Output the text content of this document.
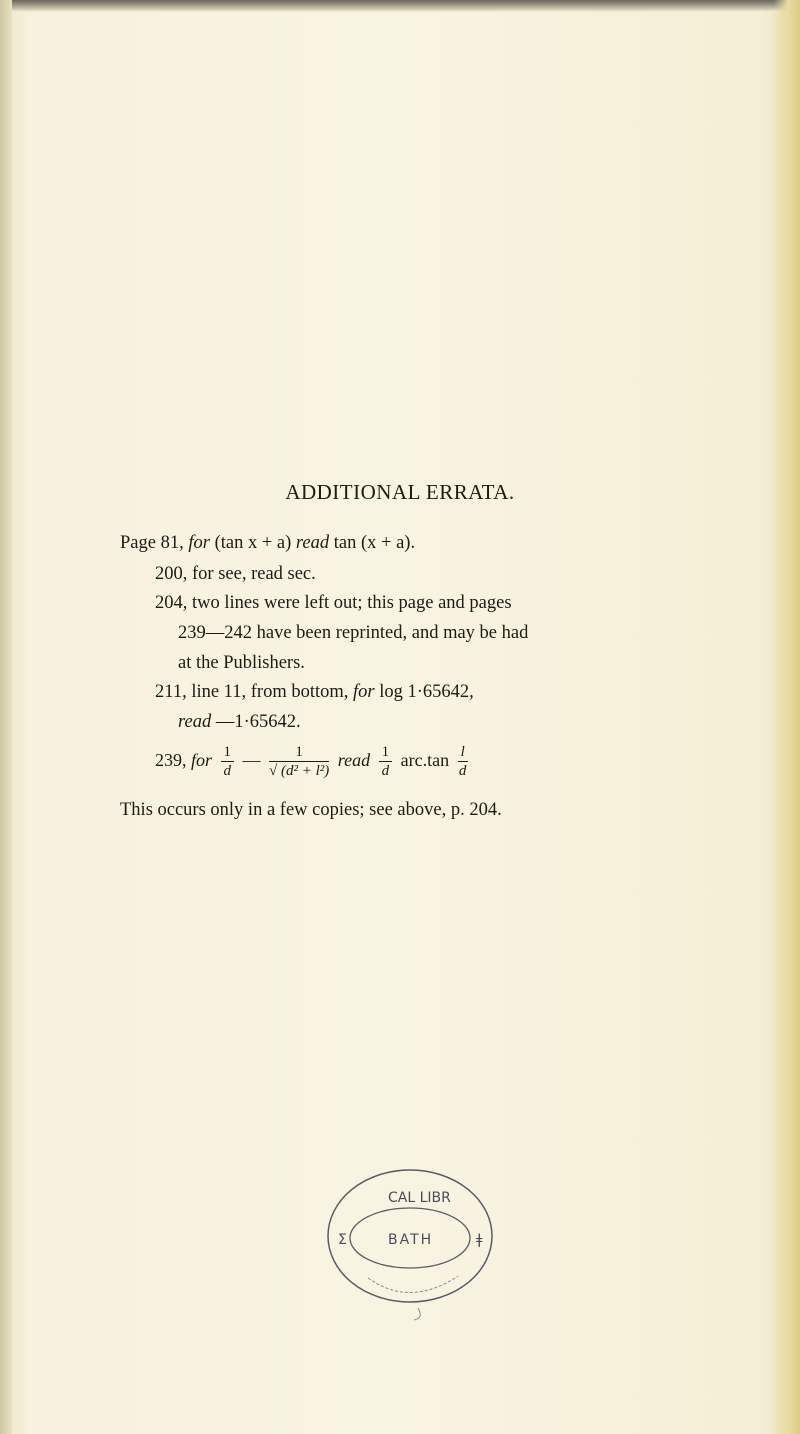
ADDITIONAL ERRATA.
Page 81, for (tan x + a) read tan (x + a).
200, for see, read sec.
204, two lines were left out; this page and pages
239—242 have been reprinted, and may be had
at the Publishers.
211, line 11, from bottom, for log 1·65642,
read —1·65642.
239, for $\frac{1}{d}$ — $\frac{1}{\text{√ (d² + l²)}}$ read $\frac{1}{d} arc.\tan \frac{l}{d}$
This occurs only in a few copies; see above, p. 204.
CAL LIBR
BATH
Σ	ǂ
